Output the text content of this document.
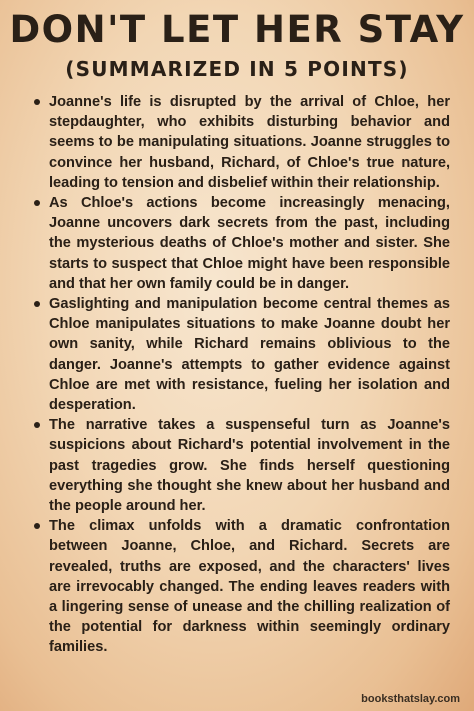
DON'T LET HER STAY
(SUMMARIZED IN 5 POINTS)
Joanne's life is disrupted by the arrival of Chloe, her stepdaughter, who exhibits disturbing behavior and seems to be manipulating situations. Joanne struggles to convince her husband, Richard, of Chloe's true nature, leading to tension and disbelief within their relationship.
As Chloe's actions become increasingly menacing, Joanne uncovers dark secrets from the past, including the mysterious deaths of Chloe's mother and sister. She starts to suspect that Chloe might have been responsible and that her own family could be in danger.
Gaslighting and manipulation become central themes as Chloe manipulates situations to make Joanne doubt her own sanity, while Richard remains oblivious to the danger. Joanne's attempts to gather evidence against Chloe are met with resistance, fueling her isolation and desperation.
The narrative takes a suspenseful turn as Joanne's suspicions about Richard's potential involvement in the past tragedies grow. She finds herself questioning everything she thought she knew about her husband and the people around her.
The climax unfolds with a dramatic confrontation between Joanne, Chloe, and Richard. Secrets are revealed, truths are exposed, and the characters' lives are irrevocably changed. The ending leaves readers with a lingering sense of unease and the chilling realization of the potential for darkness within seemingly ordinary families.
booksthatslay.com
